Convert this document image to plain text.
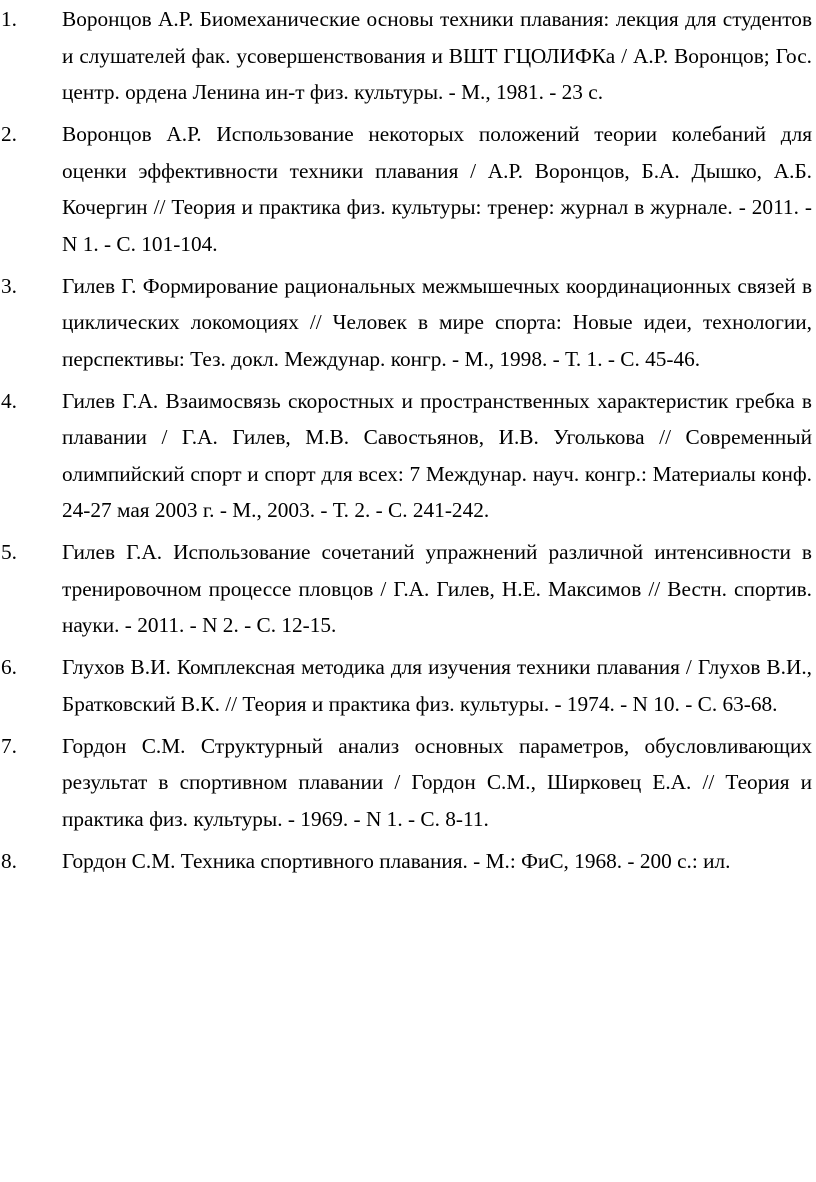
1. Воронцов А.Р. Биомеханические основы техники плавания: лекция для студентов и слушателей фак. усовершенствования и ВШТ ГЦОЛИФКа / А.Р. Воронцов; Гос. центр. ордена Ленина ин-т физ. культуры. - М., 1981. - 23 с.
2. Воронцов А.Р. Использование некоторых положений теории колебаний для оценки эффективности техники плавания / А.Р. Воронцов, Б.А. Дышко, А.Б. Кочергин // Теория и практика физ. культуры: тренер: журнал в журнале. - 2011. - N 1. - С. 101-104.
3. Гилев Г. Формирование рациональных межмышечных координационных связей в циклических локомоциях // Человек в мире спорта: Новые идеи, технологии, перспективы: Тез. докл. Междунар. конгр. - М., 1998. - Т. 1. - С. 45-46.
4. Гилев Г.А. Взаимосвязь скоростных и пространственных характеристик гребка в плавании / Г.А. Гилев, М.В. Савостьянов, И.В. Уголькова // Современный олимпийский спорт и спорт для всех: 7 Междунар. науч. конгр.: Материалы конф. 24-27 мая 2003 г. - М., 2003. - Т. 2. - С. 241-242.
5. Гилев Г.А. Использование сочетаний упражнений различной интенсивности в тренировочном процессе пловцов / Г.А. Гилев, Н.Е. Максимов // Вестн. спортив. науки. - 2011. - N 2. - С. 12-15.
6. Глухов В.И. Комплексная методика для изучения техники плавания / Глухов В.И., Братковский В.К. // Теория и практика физ. культуры. - 1974. - N 10. - С. 63-68.
7. Гордон С.М. Структурный анализ основных параметров, обусловливающих результат в спортивном плавании / Гордон С.М., Ширковец Е.А. // Теория и практика физ. культуры. - 1969. - N 1. - С. 8-11.
8. Гордон С.М. Техника спортивного плавания. - М.: ФиС, 1968. - 200 с.: ил.
